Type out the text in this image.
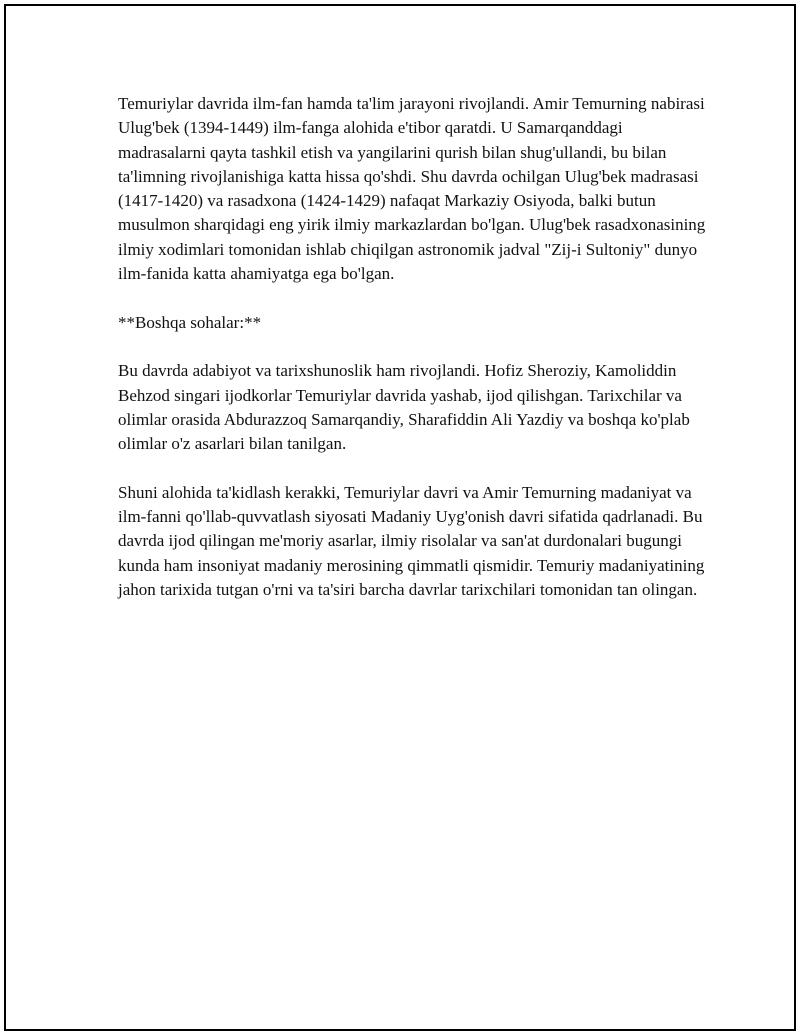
Temuriylar davrida ilm-fan hamda ta'lim jarayoni rivojlandi. Amir Temurning nabirasi Ulug'bek (1394-1449) ilm-fanga alohida e'tibor qaratdi. U Samarqanddagi madrasalarni qayta tashkil etish va yangilarini qurish bilan shug'ullandi, bu bilan ta'limning rivojlanishiga katta hissa qo'shdi. Shu davrda ochilgan Ulug'bek madrasasi (1417-1420) va rasadxona (1424-1429) nafaqat Markaziy Osiyoda, balki butun musulmon sharqidagi eng yirik ilmiy markazlardan bo'lgan. Ulug'bek rasadxonasining ilmiy xodimlari tomonidan ishlab chiqilgan astronomik jadval "Zij-i Sultoniy" dunyo ilm-fanida katta ahamiyatga ega bo'lgan.

**Boshqa sohalar:**

Bu davrda adabiyot va tarixshunoslik ham rivojlandi. Hofiz Sheroziy, Kamoliddin Behzod singari ijodkorlar Temuriylar davrida yashab, ijod qilishgan. Tarixchilar va olimlar orasida Abdurazzoq Samarqandiy, Sharafiddin Ali Yazdiy va boshqa ko'plab olimlar o'z asarlari bilan tanilgan.

Shuni alohida ta'kidlash kerakki, Temuriylar davri va Amir Temurning madaniyat va ilm-fanni qo'llab-quvvatlash siyosati Madaniy Uyg'onish davri sifatida qadrlanadi. Bu davrda ijod qilingan me'moriy asarlar, ilmiy risolalar va san'at durdonalari bugungi kunda ham insoniyat madaniy merosining qimmatli qismidir. Temuriy madaniyatining jahon tarixida tutgan o'rni va ta'siri barcha davrlar tarixchilari tomonidan tan olingan.
